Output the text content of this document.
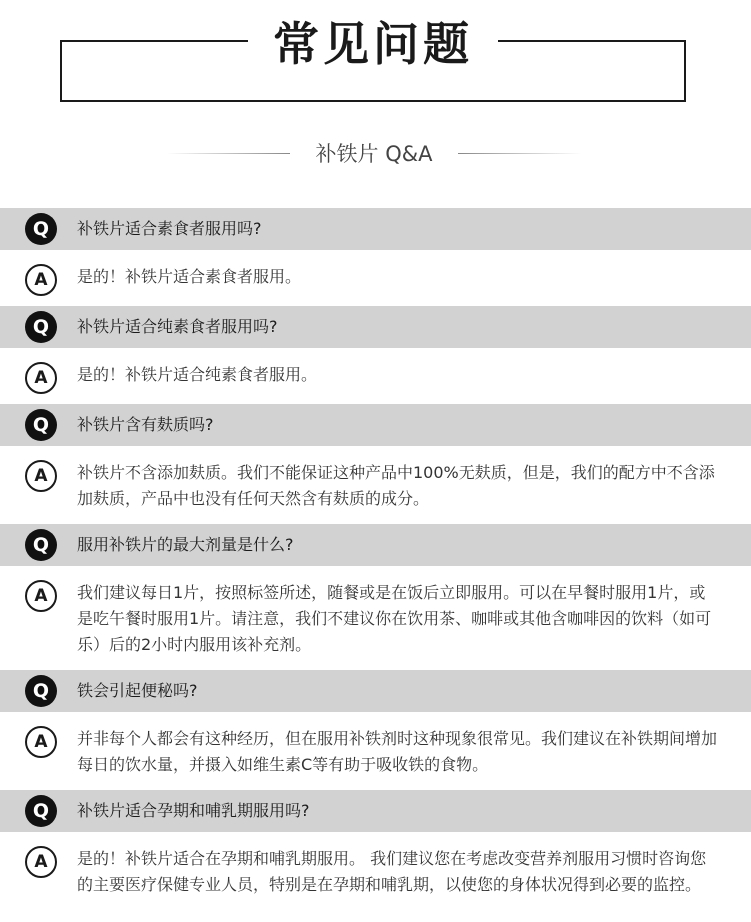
常见问题
补铁片 Q&A
Q	补铁片适合素食者服用吗?
A	是的！补铁片适合素食者服用。

Q	补铁片适合纯素食者服用吗?
A	是的！补铁片适合纯素食者服用。

Q	补铁片含有麸质吗?
A	补铁片不含添加麸质。我们不能保证这种产品中100%无麸质，但是，我们的配方中不含添加麸质，产品中也没有任何天然含有麸质的成分。

Q	服用补铁片的最大剂量是什么?
A	我们建议每日1片，按照标签所述，随餐或是在饭后立即服用。可以在早餐时服用1片，或是吃午餐时服用1片。请注意，我们不建议你在饮用茶、咖啡或其他含咖啡因的饮料（如可乐）后的2小时内服用该补充剂。

Q	铁会引起便秘吗?
A	并非每个人都会有这种经历，但在服用补铁剂时这种现象很常见。我们建议在补铁期间增加每日的饮水量，并摄入如维生素C等有助于吸收铁的食物。

Q	补铁片适合孕期和哺乳期服用吗?
A	是的！补铁片适合在孕期和哺乳期服用。 我们建议您在考虑改变营养剂服用习惯时咨询您的主要医疗保健专业人员，特别是在孕期和哺乳期，以使您的身体状况得到必要的监控。
